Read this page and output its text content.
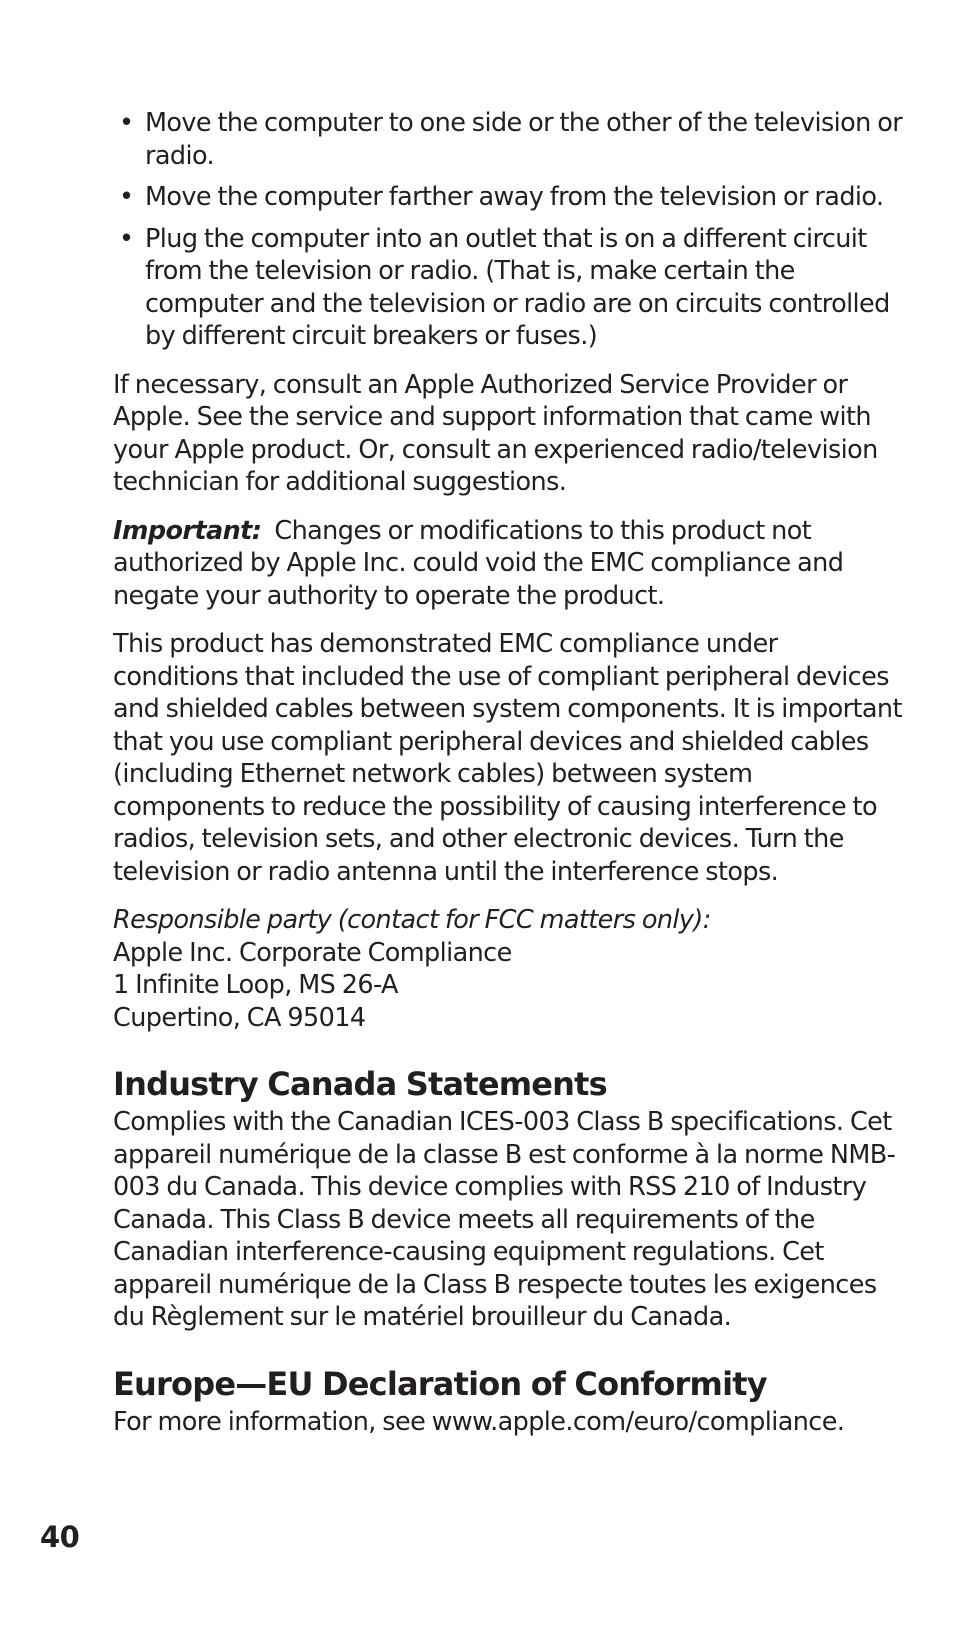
• Move the computer to one side or the other of the television or radio.
• Move the computer farther away from the television or radio.
• Plug the computer into an outlet that is on a different circuit from the television or radio. (That is, make certain the computer and the television or radio are on circuits controlled by different circuit breakers or fuses.)

If necessary, consult an Apple Authorized Service Provider or Apple. See the service and support information that came with your Apple product. Or, consult an experienced radio/television technician for additional suggestions.

Important: Changes or modifications to this product not authorized by Apple Inc. could void the EMC compliance and negate your authority to operate the product.

This product has demonstrated EMC compliance under conditions that included the use of compliant peripheral devices and shielded cables between system components. It is important that you use compliant peripheral devices and shielded cables (including Ethernet network cables) between system components to reduce the possibility of causing interference to radios, television sets, and other electronic devices. Turn the television or radio antenna until the interference stops.

Responsible party (contact for FCC matters only):
Apple Inc. Corporate Compliance
1 Infinite Loop, MS 26-A
Cupertino, CA 95014

Industry Canada Statements

Complies with the Canadian ICES-003 Class B specifications. Cet appareil numérique de la classe B est conforme à la norme NMB-003 du Canada. This device complies with RSS 210 of Industry Canada. This Class B device meets all requirements of the Canadian interference-causing equipment regulations. Cet appareil numérique de la Class B respecte toutes les exigences du Règlement sur le matériel brouilleur du Canada.

Europe—EU Declaration of Conformity

For more information, see www.apple.com/euro/compliance.

40
